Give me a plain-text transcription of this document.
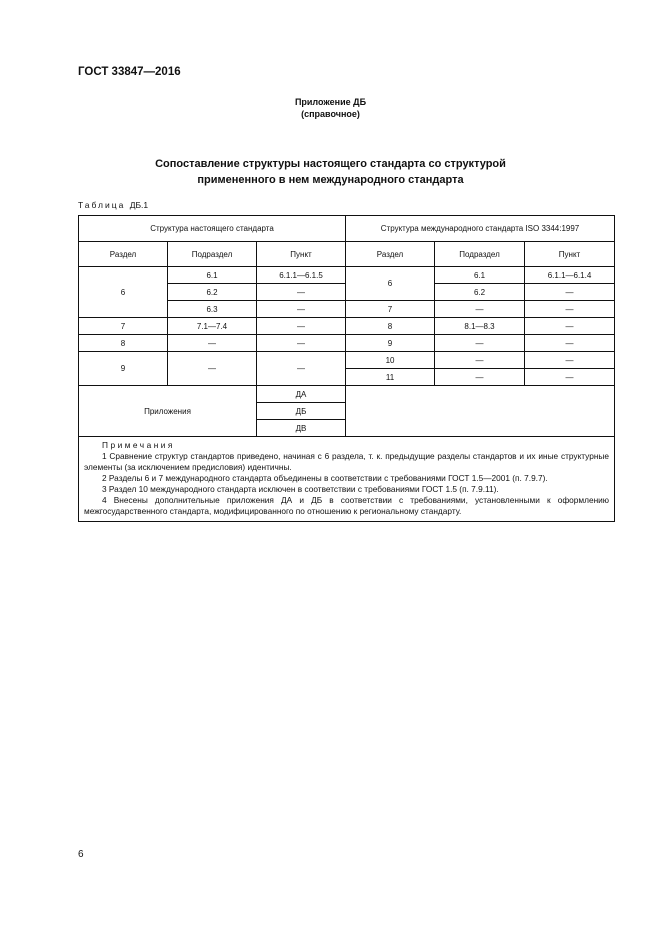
ГОСТ 33847—2016
Приложение ДБ
(справочное)
Сопоставление структуры настоящего стандарта со структурой
примененного в нем международного стандарта
Таблица ДБ.1
Структура настоящего стандарта			Структура международного стандарта ISO 3344:1997		
Раздел	Подраздел	Пункт	Раздел	Подраздел	Пункт
6	6.1	6.1.1—6.1.5	6	6.1	6.1.1—6.1.4
	6.2	—		6.2	—
	6.3	—	7	—	—
7	7.1—7.4	—	8	8.1—8.3	—
8	—	—	9	—	—
9	—	—	10	—	—
			11	—	—
Приложения		ДА			
		ДБ			
		ДВ			

Примечания
1 Сравнение структур стандартов приведено, начиная с 6 раздела, т. к. предыдущие разделы стандартов и их иные структурные элементы (за исключением предисловия) идентичны.
2 Разделы 6 и 7 международного стандарта объединены в соответствии с требованиями ГОСТ 1.5—2001 (п. 7.9.7).
3 Раздел 10 международного стандарта исключен в соответствии с требованиями ГОСТ 1.5 (п. 7.9.11).
4 Внесены дополнительные приложения ДА и ДБ в соответствии с требованиями, установленными к оформлению межгосударственного стандарта, модифицированного по отношению к региональному стандарту.					
6
